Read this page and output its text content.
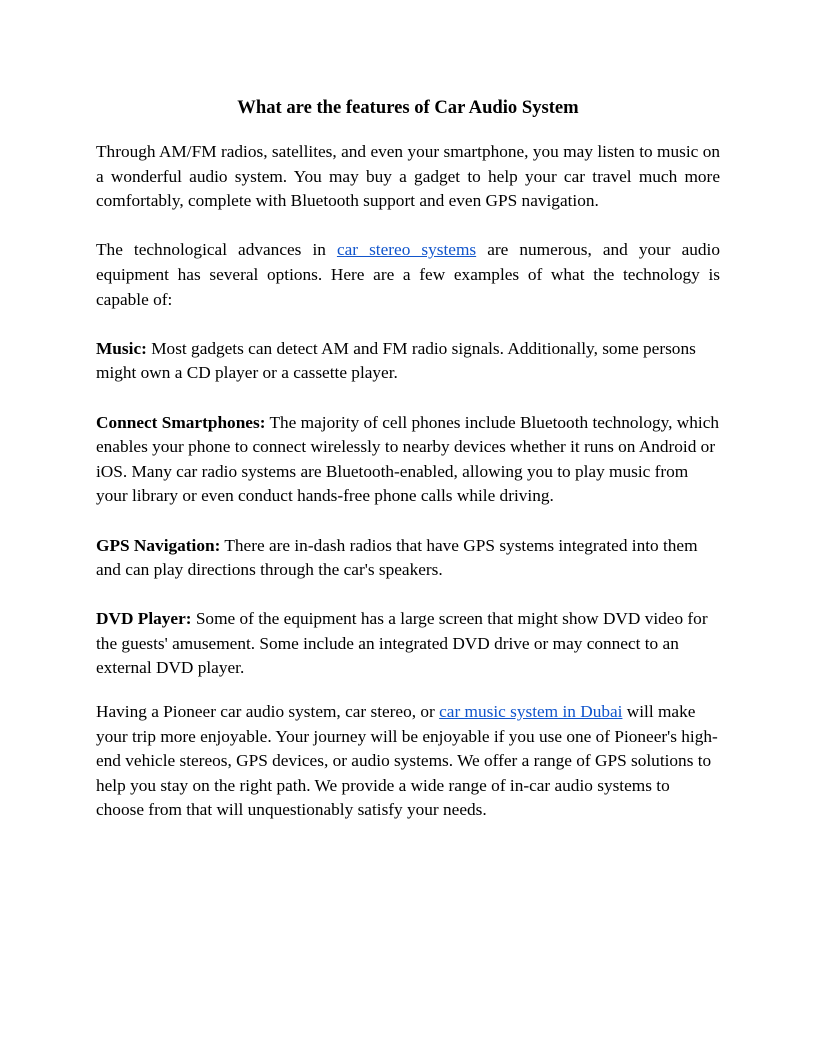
What are the features of Car Audio System

Through AM/FM radios, satellites, and even your smartphone, you may listen to music on a wonderful audio system. You may buy a gadget to help your car travel much more comfortably, complete with Bluetooth support and even GPS navigation.

The technological advances in car stereo systems are numerous, and your audio equipment has several options. Here are a few examples of what the technology is capable of:

Music: Most gadgets can detect AM and FM radio signals. Additionally, some persons might own a CD player or a cassette player.

Connect Smartphones: The majority of cell phones include Bluetooth technology, which enables your phone to connect wirelessly to nearby devices whether it runs on Android or iOS. Many car radio systems are Bluetooth-enabled, allowing you to play music from your library or even conduct hands-free phone calls while driving.

GPS Navigation: There are in-dash radios that have GPS systems integrated into them and can play directions through the car's speakers.

DVD Player: Some of the equipment has a large screen that might show DVD video for the guests' amusement. Some include an integrated DVD drive or may connect to an external DVD player.

Having a Pioneer car audio system, car stereo, or car music system in Dubai will make your trip more enjoyable. Your journey will be enjoyable if you use one of Pioneer's high-end vehicle stereos, GPS devices, or audio systems. We offer a range of GPS solutions to help you stay on the right path. We provide a wide range of in-car audio systems to choose from that will unquestionably satisfy your needs.
